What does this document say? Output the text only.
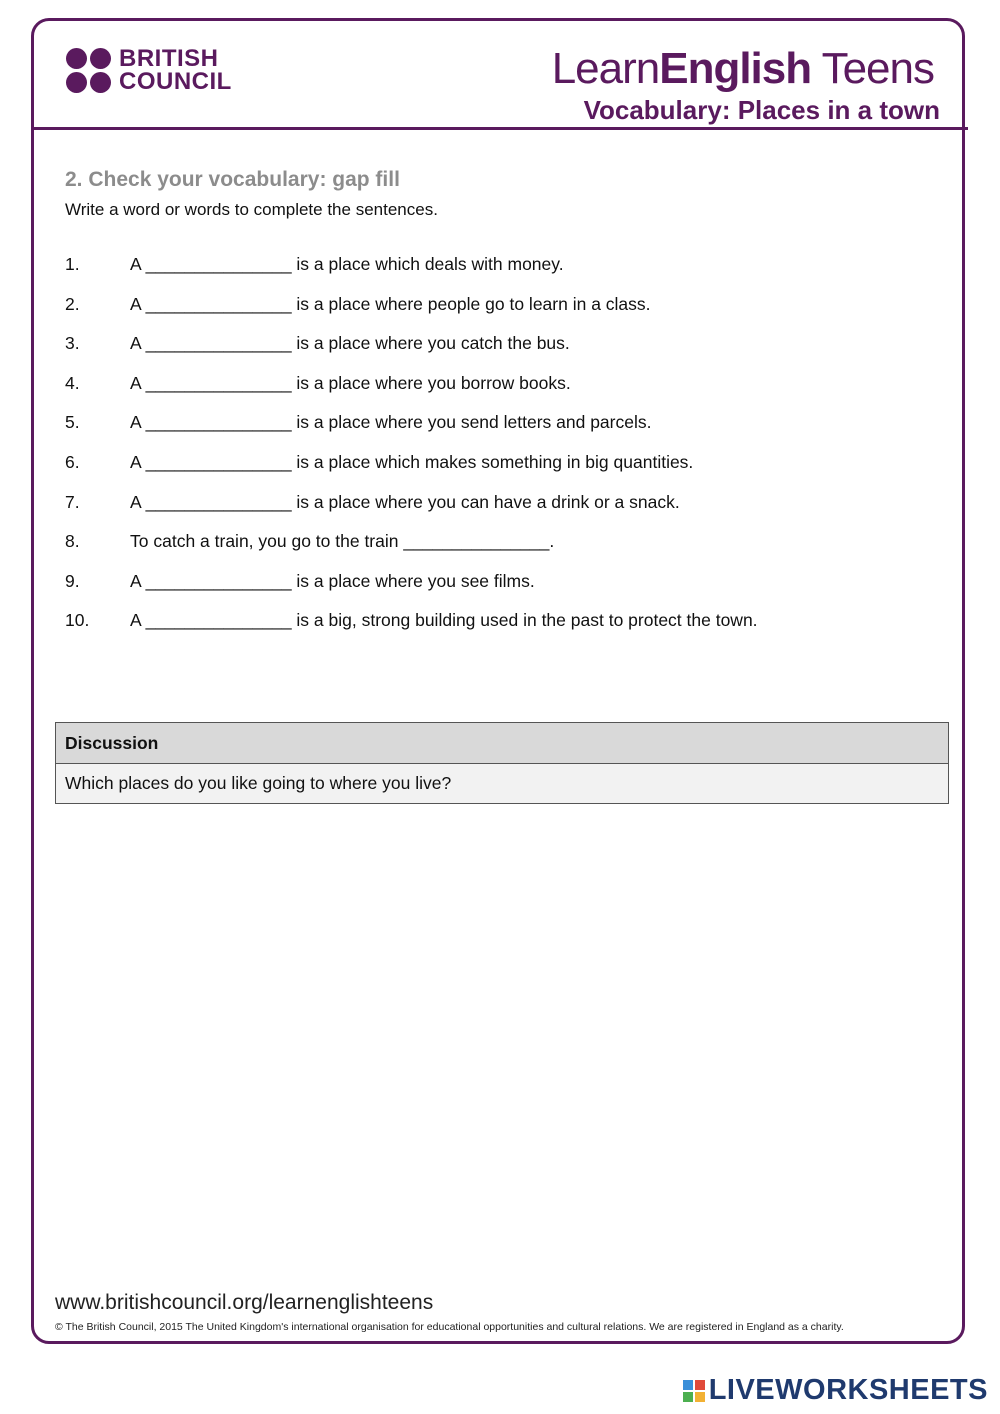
BRITISH
COUNCIL	LearnEnglish Teens
Vocabulary: Places in a town
2. Check your vocabulary: gap fill
Write a word or words to complete the sentences.
1.	A _______________ is a place which deals with money.
2.	A _______________ is a place where people go to learn in a class.
3.	A _______________ is a place where you catch the bus.
4.	A _______________ is a place where you borrow books.
5.	A _______________ is a place where you send letters and parcels.
6.	A _______________ is a place which makes something in big quantities.
7.	A _______________ is a place where you can have a drink or a snack.
8.	To catch a train, you go to the train _______________.
9.	A _______________ is a place where you see films.
10. A _______________ is a big, strong building used in the past to protect the town.
Discussion
Which places do you like going to where you live?
www.britishcouncil.org/learnenglishteens
© The British Council, 2015 The United Kingdom's international organisation for educational opportunities and cultural relations. We are registered in England as a charity.
LIVEWORKSHEETS
